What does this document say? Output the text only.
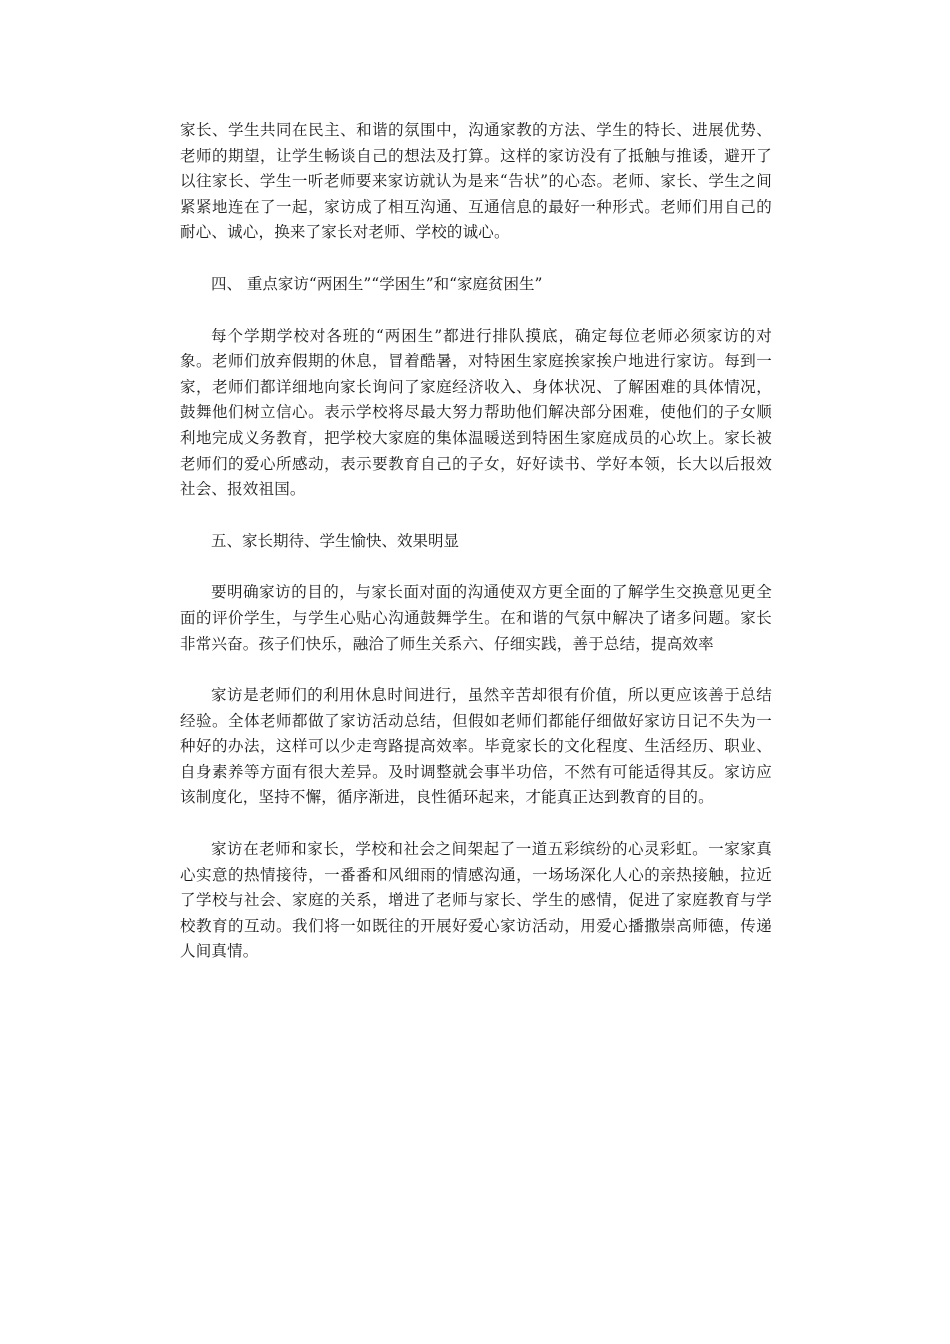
家长、学生共同在民主、和谐的氛围中，沟通家教的方法、学生的特长、进展优势、老师的期望，让学生畅谈自己的想法及打算。这样的家访没有了抵触与推诿，避开了以往家长、学生一听老师要来家访就认为是来“告状”的心态。老师、家长、学生之间紧紧地连在了一起，家访成了相互沟通、互通信息的最好一种形式。老师们用自己的耐心、诚心，换来了家长对老师、学校的诚心。

四、 重点家访“两困生”“学困生”和“家庭贫困生”

每个学期学校对各班的“两困生”都进行排队摸底，确定每位老师必须家访的对象。老师们放弃假期的休息，冒着酷暑，对特困生家庭挨家挨户地进行家访。每到一家，老师们都详细地向家长询问了家庭经济收入、身体状况、了解困难的具体情况，鼓舞他们树立信心。表示学校将尽最大努力帮助他们解决部分困难，使他们的子女顺利地完成义务教育，把学校大家庭的集体温暖送到特困生家庭成员的心坎上。家长被老师们的爱心所感动，表示要教育自己的子女，好好读书、学好本领，长大以后报效社会、报效祖国。

五、家长期待、学生愉快、效果明显

要明确家访的目的，与家长面对面的沟通使双方更全面的了解学生交换意见更全面的评价学生，与学生心贴心沟通鼓舞学生。在和谐的气氛中解决了诸多问题。家长非常兴奋。孩子们快乐，融洽了师生关系六、仔细实践，善于总结，提高效率

家访是老师们的利用休息时间进行，虽然辛苦却很有价值，所以更应该善于总结经验。全体老师都做了家访活动总结，但假如老师们都能仔细做好家访日记不失为一种好的办法，这样可以少走弯路提高效率。毕竟家长的文化程度、生活经历、职业、自身素养等方面有很大差异。及时调整就会事半功倍，不然有可能适得其反。家访应该制度化，坚持不懈，循序渐进，良性循环起来，才能真正达到教育的目的。

家访在老师和家长，学校和社会之间架起了一道五彩缤纷的心灵彩虹。一家家真心实意的热情接待，一番番和风细雨的情感沟通，一场场深化人心的亲热接触，拉近了学校与社会、家庭的关系，增进了老师与家长、学生的感情，促进了家庭教育与学校教育的互动。我们将一如既往的开展好爱心家访活动，用爱心播撒崇高师德，传递人间真情。
